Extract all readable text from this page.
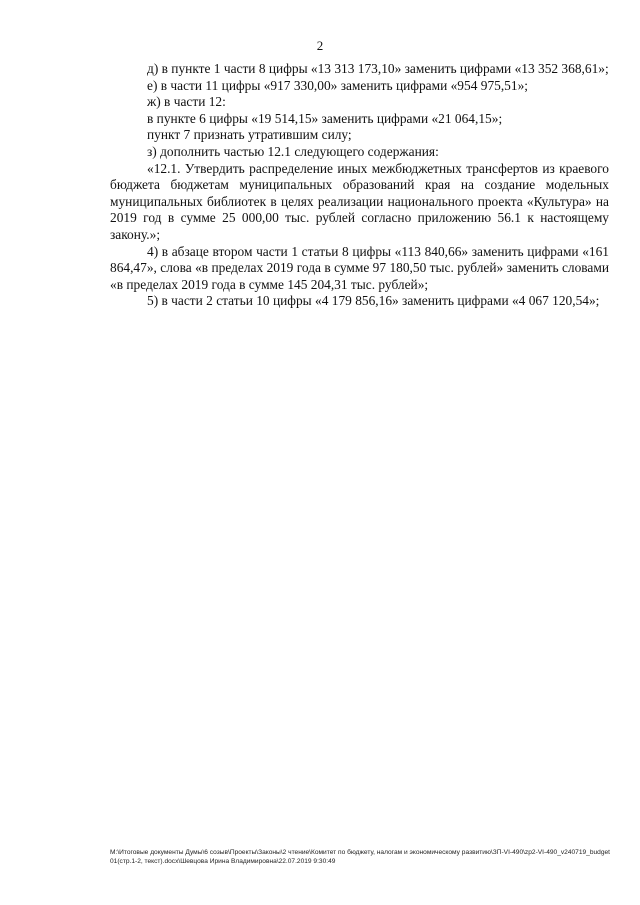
2

д) в пункте 1 части 8 цифры «13 313 173,10» заменить цифрами «13 352 368,61»;

е) в части 11 цифры «917 330,00» заменить цифрами «954 975,51»;

ж) в части 12:

в пункте 6 цифры «19 514,15» заменить цифрами «21 064,15»;

пункт 7 признать утратившим силу;

з) дополнить частью 12.1 следующего содержания:

«12.1. Утвердить распределение иных межбюджетных трансфертов из краевого бюджета бюджетам муниципальных образований края на создание модельных муниципальных библиотек в целях реализации национального проекта «Культура» на 2019 год в сумме 25 000,00 тыс. рублей согласно приложению 56.1 к настоящему закону.»;

4) в абзаце втором части 1 статьи 8 цифры «113 840,66» заменить цифрами «161 864,47», слова «в пределах 2019 года в сумме 97 180,50 тыс. рублей» заменить словами «в пределах 2019 года в сумме 145 204,31 тыс. рублей»;

5) в части 2 статьи 10 цифры «4 179 856,16» заменить цифрами «4 067 120,54»;

M:\Итоговые документы Думы\6 созыв\Проекты\Законы\2 чтение\Комитет по бюджету, налогам и экономическому развитию\ЗП-VI-490\zp2-VI-490_v240719_budget01(стр.1-2, текст).docx\Шевцова Ирина Владимировна\22.07.2019 9:30:49
